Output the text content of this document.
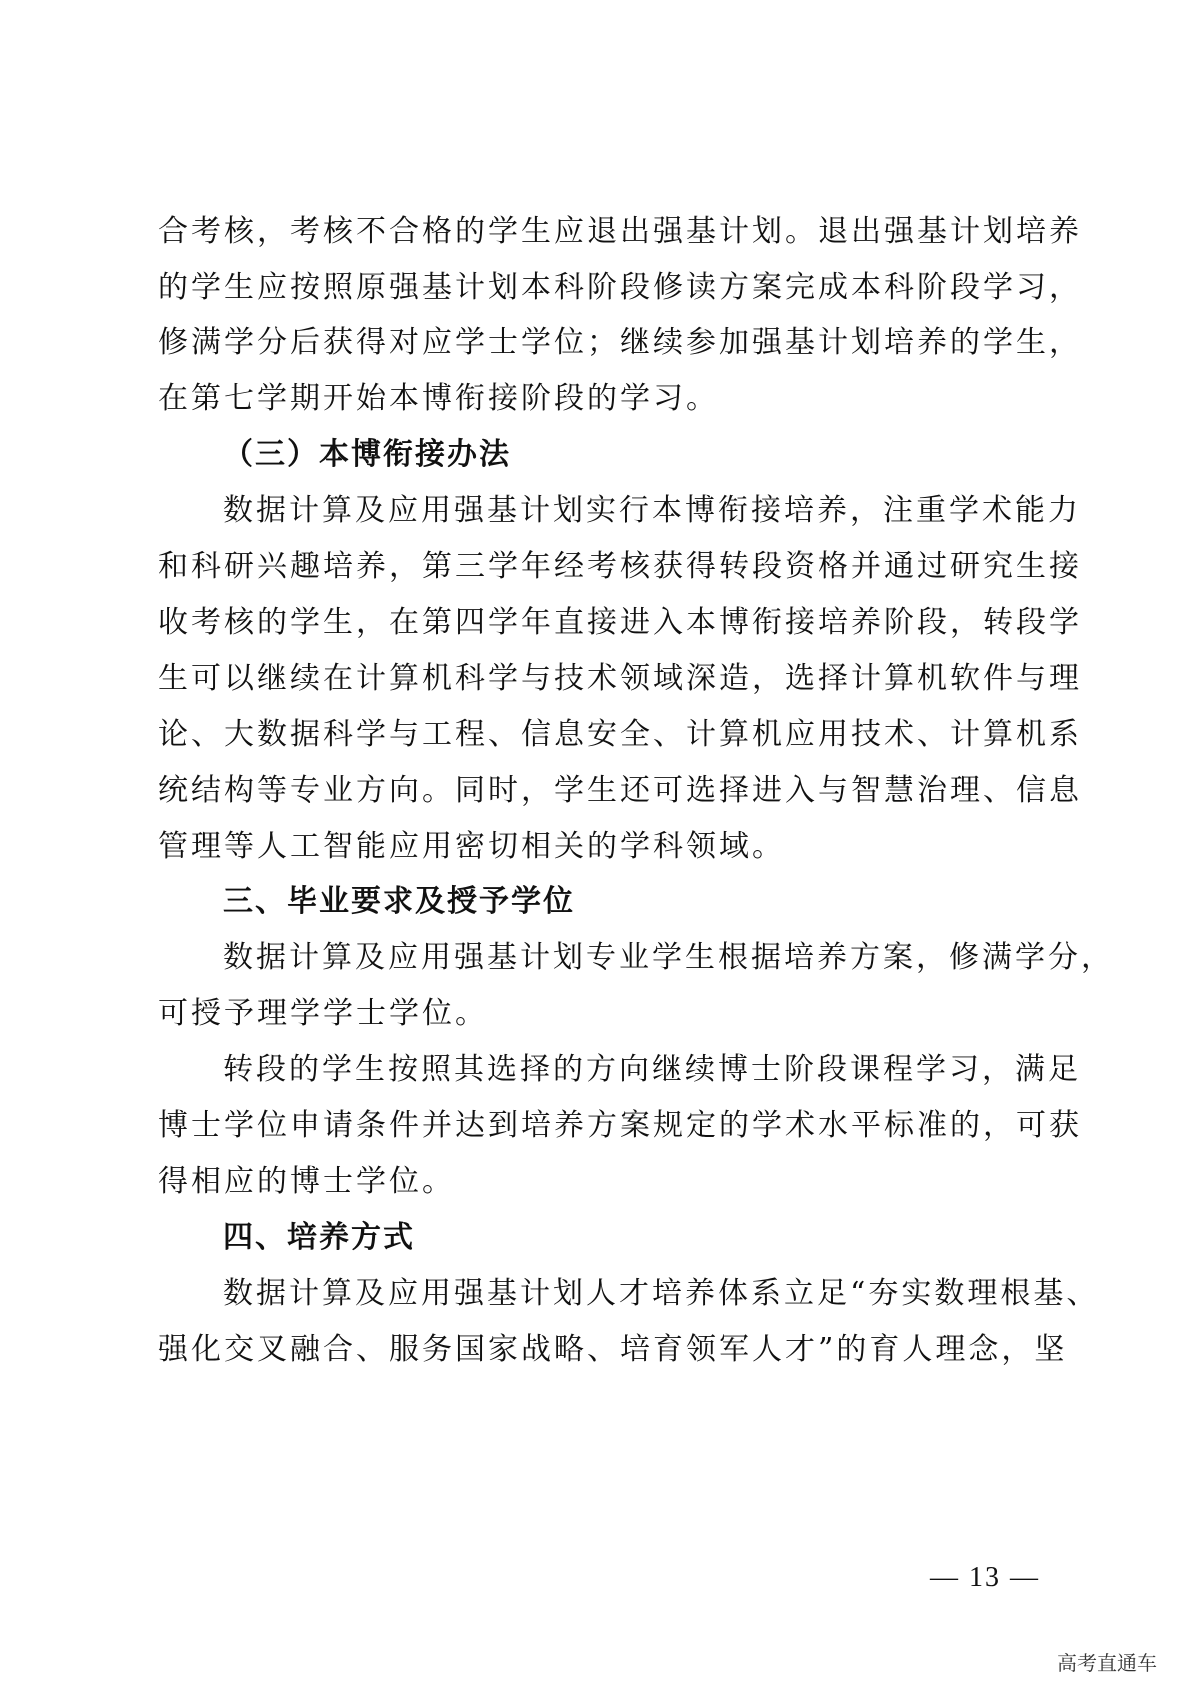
合考核，考核不合格的学生应退出强基计划。退出强基计划培养
的学生应按照原强基计划本科阶段修读方案完成本科阶段学习，
修满学分后获得对应学士学位；继续参加强基计划培养的学生，
在第七学期开始本博衔接阶段的学习。
（三）本博衔接办法
数据计算及应用强基计划实行本博衔接培养，注重学术能力
和科研兴趣培养，第三学年经考核获得转段资格并通过研究生接
收考核的学生，在第四学年直接进入本博衔接培养阶段，转段学
生可以继续在计算机科学与技术领域深造，选择计算机软件与理
论、大数据科学与工程、信息安全、计算机应用技术、计算机系
统结构等专业方向。同时，学生还可选择进入与智慧治理、信息
管理等人工智能应用密切相关的学科领域。
三、毕业要求及授予学位
数据计算及应用强基计划专业学生根据培养方案，修满学分，
可授予理学学士学位。
转段的学生按照其选择的方向继续博士阶段课程学习，满足
博士学位申请条件并达到培养方案规定的学术水平标准的，可获
得相应的博士学位。
四、培养方式
数据计算及应用强基计划人才培养体系立足“夯实数理根基、
强化交叉融合、服务国家战略、培育领军人才”的育人理念，坚
— 13 —
高考直通车
